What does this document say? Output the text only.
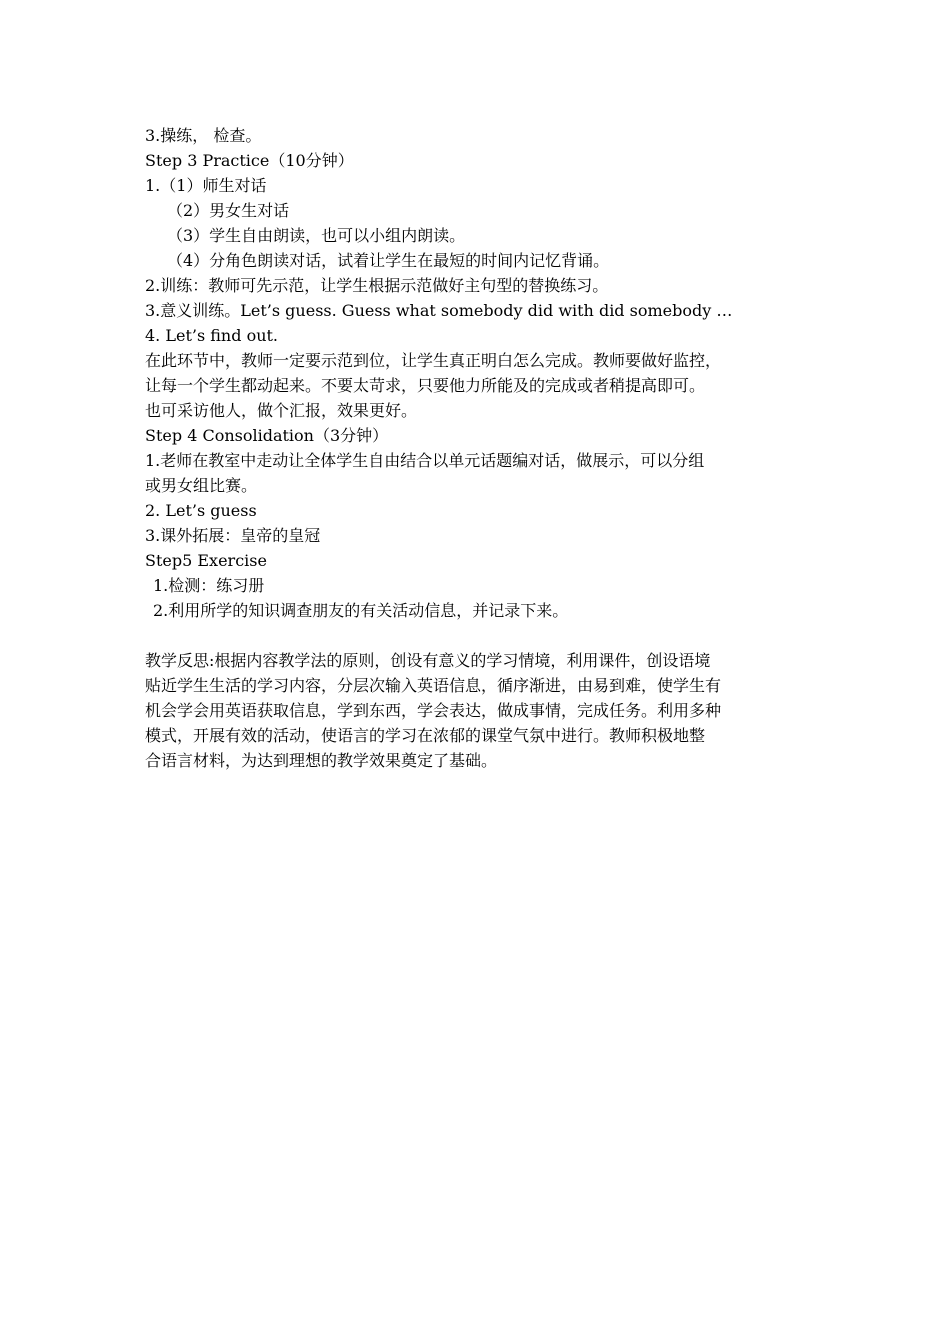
3.操练， 检查。
Step 3 Practice（10分钟）
1.（1）师生对话
（2）男女生对话
（3）学生自由朗读，也可以小组内朗读。
（4）分角色朗读对话，试着让学生在最短的时间内记忆背诵。
2.训练：教师可先示范，让学生根据示范做好主句型的替换练习。
3.意义训练。Let’s guess. Guess what somebody did with did somebody …
4. Let’s find out.
在此环节中，教师一定要示范到位，让学生真正明白怎么完成。教师要做好监控，
让每一个学生都动起来。不要太苛求，只要他力所能及的完成或者稍提高即可。
也可采访他人，做个汇报，效果更好。
Step 4 Consolidation（3分钟）
1.老师在教室中走动让全体学生自由结合以单元话题编对话，做展示，可以分组
或男女组比赛。
2. Let’s guess
3.课外拓展：皇帝的皇冠
Step5 Exercise
1.检测：练习册
2.利用所学的知识调查朋友的有关活动信息，并记录下来。
教学反思:根据内容教学法的原则，创设有意义的学习情境，利用课件，创设语境
贴近学生生活的学习内容，分层次输入英语信息，循序渐进，由易到难，使学生有
机会学会用英语获取信息，学到东西，学会表达，做成事情，完成任务。利用多种
模式，开展有效的活动，使语言的学习在浓郁的课堂气氛中进行。教师积极地整
合语言材料，为达到理想的教学效果奠定了基础。
